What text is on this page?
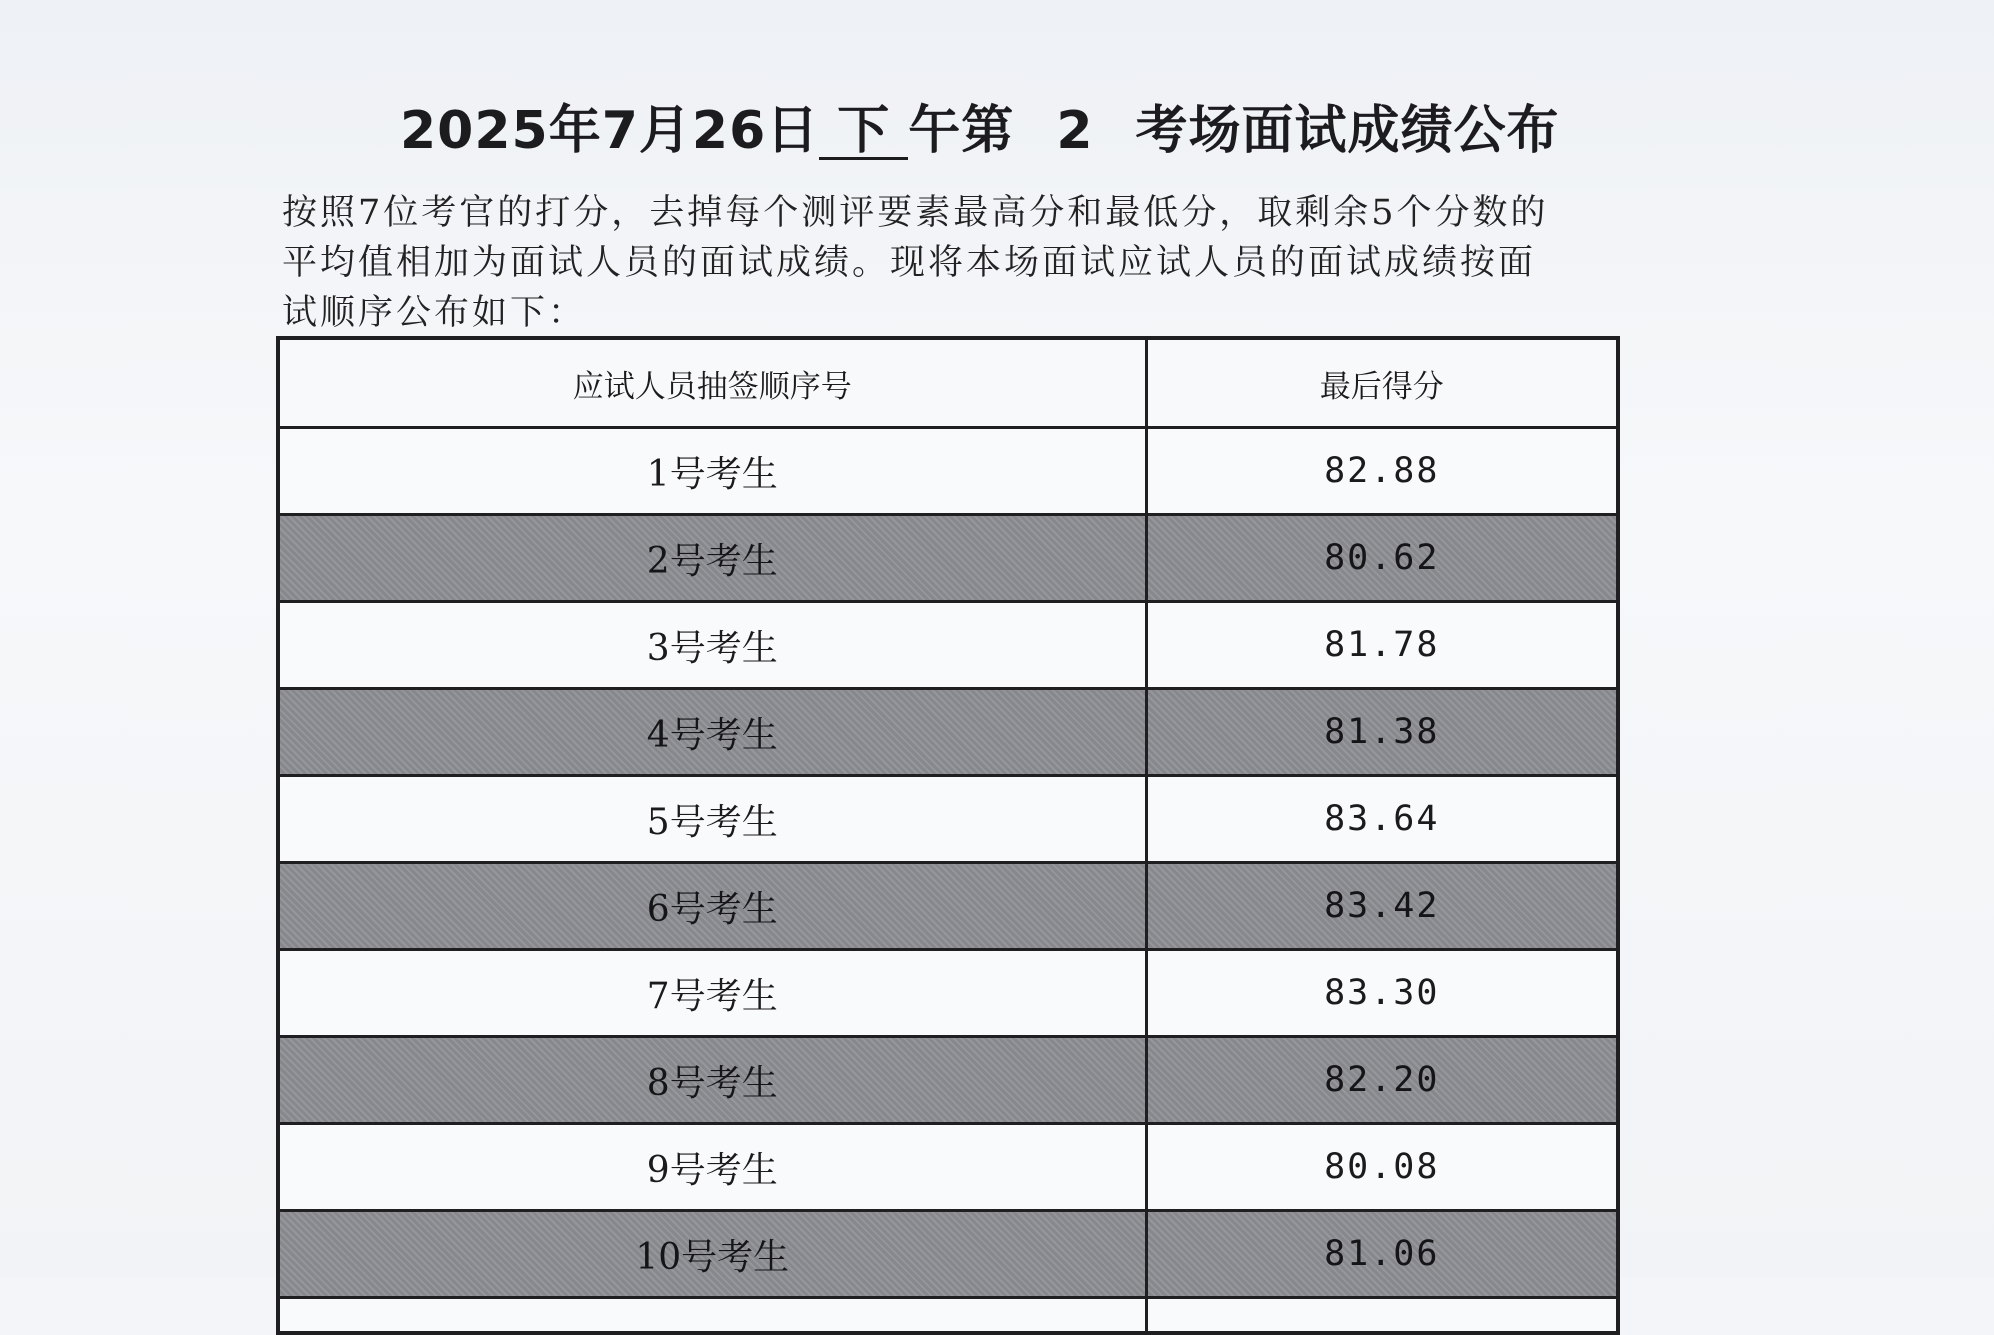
2025年7月26日 下 午第 2 考场面试成绩公布

按照7位考官的打分，去掉每个测评要素最高分和最低分，取剩余5个分数的

平均值相加为面试人员的面试成绩。现将本场面试应试人员的面试成绩按面

试顺序公布如下：

应试人员抽签顺序号	最后得分
1号考生	82.88
2号考生	80.62
3号考生	81.78
4号考生	81.38
5号考生	83.64
6号考生	83.42
7号考生	83.30
8号考生	82.20
9号考生	80.08
10号考生	81.06
